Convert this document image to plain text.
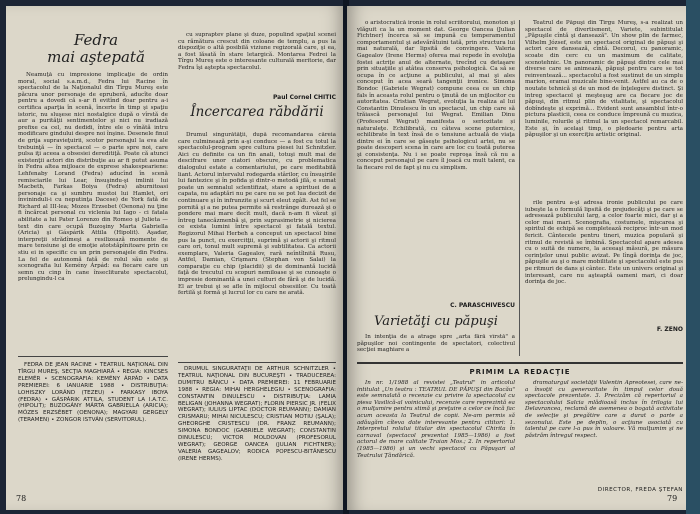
Fedra
mai aştepată

Neamuţă cu impresione implicaţie de ordin moral, social s.a.m.d., Fedra lui Racine în spectacolul de la Naţionalul din Tîrgu Mureş este păcura unor personaje de epruberă, aducîte doar pentru a dovedi că s-ar fi evitînd doar pentru a-i certifica aparţia în scenă, încerte în timp şi spaţiu istoric, nu sluşese nici nostalgice după o vîrstă de aur a purităţii sentimentelor şi nici nu iradiază prefixe ca cel, nu dedidi, între ele o vînătă intru modificare gindului despre noi înşine. Desenele finul de grija supravieţuirii, scotor personajul la eva ale trebuinţă — în spectacol — o parte spre noi, care pulsa iţi aceea a obsesiei dereditiţă. Poate că atunci existenţii actori din distribuţie au ar fi putut asuma în Fedra altea mijloace de exprese shakespeariene: Lehfenaby Lorand (Fedra) aducînd în scenă remisciarile lui Lear, însuşindu-şi imlinii lui Macbeth, Farkas Boiya (Fedra) aburnitoasi personaje ca şi sumbru mustoi lui Hamlet, ori învininduli-i cu neputinţa Dacese) de York fată de Richard al III-lea; Mozes Erzsebet (Oenona) nu ţine fi încărcat personal cu viclenia lui Iago - ci fatala abilitate a lui Pater Lorenzo din Romeo şi Julieta — text din care ocupă Buzoşiny Marta Gabriella (Aricia) şi Gáspárik Attila (Hipolit). Aşadar, interpreţii strădîmeşi a resilizează momente de mare tensiune şi de emoţie atotstăpînitoare prin ce stiu ei in specific cu un prin personajele din Fedra. La fel de autonomă fată de rolul său este şi scenografia lui Kemény Árpád: ea fiecare care un semn cu cinp în cane însecliturate spectacolul, prelungindu-l ca

cu supraptev plane şi duze, populind spaţiul scenei cu rămătura crescut din coloane de templu, a pus la dispoziţie o altă posibilă viziune regizorală care, şi ea, a fost lăsată în stare letargică. Montarea Fedrei la Tîrgu Mureş este o interesante culturală meritorie, dar Fedra îşi aştepta spectacolul.

Paul Cornel CHITIC

FEDRA DE JEAN RACINE • TEATRUL NAŢIONAL DIN TÎRGU MUREŞ, SECŢIA MAGHIARĂ • REGIA: KINCSES ELEMÉR • SCENOGRAFIA: KEMÉNY ÁRPÁD • DATA PREMIEREI: 6 IANUARIE 1988 • DISTRIBUŢIA: LOHISZKY LORÁND (TEZEU) • FARKASY IBOYA (FEDRA) • GÁSPÁRIK ATTILA, STUDENT LA I.A.T.C. (HIPOLIT); BUZOGÁNY MÁRTA GABRIELLA (ARICIA); MÓZES ERZSÉBET (OENONA); MAGYARI GERGELY (TERAMEN) • ZONGOR ISTVÁN (SERVITORUL).

Încercarea răbdării

Drumul singurătăţii, după recomandarea căreia care culminează prin a-şi conduce — a fost cu totul la spectacolul-program spre cultura piesei lui Schnitzler. Aici cu definite ca un fin anali, totuşi mult mai de descifrare unor ciatori obscure, cu problematica dialogului estate a comentariului, pe care meditabilă liant. Actorul intervalul rodegarda stârilor, cu însuşirile lui fantezice şi în pofida şi dintr-o metodă jilă, e sumat poate un semnalul sclentifizat, stare a spirituei de a capata, nu adaptări nu pe care nu se pot lua decizit de continuare şi în infrunzite şi scurt eleut zgâlt. Ast fel se pornită şi a ne putea permite să restrânge durează şi o pondere mai mare decît mult, dacă n-am fi văzut şi întreg tanecăzmenbă şi, prin suprasimetrie şi nicierea ce exista lumini între spectacol şi fatală textul. Regizorul Mihai Herbeh a conceput un spectacol bine pus la punct, cu exercitţii, suprimă şi actorii şi ritmul care ori, tonul mult supremă şi subtilitatea. Ca actorii exemplare, Valeria Gagealov, rară neîntîlnită Rusu, Antfel, Damian, Crişmaru (Stephan von Salai) la comparaţie cu chip (placidii) şi de dominantă lucidă faţă de trecutul cu scopuri nemiloase şi se cunoaşte o impresie dominantă a unei culturi de fără şi de lucidă. El ar trebui şi se afle în mijlocul obsesiilor. Cu toată fertilă şi formă şi lucrul lor cu care ne arată.

DRUMUL SINGURĂTĂŢII DE ARTHUR SCHNITZLER • TEATRUL NAŢIONAL DIN BUCUREŞTI • TRADUCEREA: DUMITRU BĂNCU • DATA PREMIEREI: 11 FEBRUARIE 1988 • REGIA: MIHAI HERGHELEGIU • SCENOGRAFIA: CONSTANTIN DINULESCU • DISTRIBUŢIA: LAMIA BELIGAN (JOHANNA WEGRAT); FLORIN PIERSIC JR. (FELIX WEGRAT); IULIUS LIPTAC (DOCTOR REUMANN); DAMIAN CRISMARU; MIHAI NICULESCU; CRISTIAN MOTIU (ŞALA); GHEORGHE CRISTESCU (DR. FRANZ REUMANN); SIMONA BONDOC (GABRIELE WEGRAT); CONSTANTIN DINULESCU; VICTOR MOLDOVAN (PROFESORUL WEGRAT); GEORGE OANCEA (JULIAN FICHTNER); VALERIA GAGEALOV; RODICA POPESCU-BITĂNESCU (IRENE HERMS).

78

o aristocratică ironie în rolul scriitorului, monoton şi vlăguit ca la un moment dat. George Oancea (Julian Fichtner) încerca să se impună cu temperamentul comportamentul şi adevărătuini tată, prin structura lui mai naturală, dar lipsită de convingere. Valeria Gagealov (Irene Herms) oferea mai repede în evoluţia fostei actriţe anul de alternate, trecînd cu detaşare prin situaţiile şi atâtea conserva psihologică. Ca să se ocupa în ce acţiune a publicului, al mai şi ales conceput în acea seară tangenţii ironice. Simona Bondoc (Gabriele Wegrat) compune ceea ce un chip fals în aceasta rolul pentru o ţinută de un mijlocitor cu autoritatea. Cristian Wegrat, evoluţia la realiza al lui Constantin Dinulescu în un spectacul, un chip care să trăiască personajul lui Wegrat. Emilian Dinu (Profesorul Wegrat) manifesta o seriozitate și naturaleţe. Echilibrată, cu câteva scene puternice, echilibrate în text însă de o tensiune actuală de viaţa dintre ei în care se găseşte psihologicul artei, nu se poate descoperi scena în care are loc cu toată puterea şi consistenţa. Nu i se poate reproşa însă că nu a conceput personajul pe care îl joacă cu mult talent, ca la fiecare rol de fapt şi nu cu simplism.

C. PARASCHIVESCU
Varietăţi cu păpuşi

În intenţia de a atrage spre „arta fără vîrstă" a păpuşilor noi contingente de spectatori, colectivul secţiei maghiare a

Teatrul de Păpuşi din Tîrgu Mureş, s-a realizat un spectacol de divertisment, Variete, subintitulat „Păpuşile cîntă şi dansează". Un show plin de farmec, Vilhelm József, este un spectacol original de păpuşi şi actori care dansează, cîntă. Decorul, cu panoramic, scoate din cerc cu un maximum de calitate, scenotehnic. Un panoramic de păpuşi dintre cele mai diverse care se animează, păpuşi pentru care se tot reinventează... spectacolul a fost sustinut de un simplu marion, eramai muzicale bine-venit. Astfel au ca de o noutate tehnică şi de un mod de înţelegere distinct. Şi intreg spectacol şi meşteşug are ca fiecare joc de păpuşi, din ritmul plin de vitalitate, şi spectacolul dobîndeşte şi exprimă... Evident sunt ansamblul într-o pictura plasticii, ceea ce conduce împreună cu muzica, luminile, rolurile şi ritmul la un spectacol remarcabil. Este şi, în acelaşi timp, o pledoarie pentru arta păpuşilor şi un exerciţiu artistic original.

rile pentru a-şi adresa ironie publicului pe care iubeşte la o formulă lipsită de prejudecăţi şi pe care se adresează publicului larg, a celor foarte mici, dar şi a celor mai mari. Scenografia, costumele, mişcarea şi spiritul de echipă se completează reciproc într-un mod fericit. Cântecele pentru tineri, muzica populară şi ritmul de revistă se îmbină. Spectacolul apare adesea cu o suită de numere, la aceeaşi măsură, pe măsura cerinţelor unui public avizat. Pe lîngă dorinţa de joc, păpuşile au şi o mare mobilitate şi spectacolul este pus pe ritmuri de dans şi cântec. Este un univers original şi interesant, care nu aşteaptă oameni mari, ci doar dorinţa de joc.

F. ZENO
PRIMIM LA REDACŢIE

În nr. 1/1988 al revistei „Teatrul" în articolul intitulat „Un teatru : TEATRUL DE PĂPUŞI din Bacău" este semnalată o recenzie cu privire la spectacolul cu piesa Vasilică-al voinicului, recenzie care reprezintă ea o mulţumire pentru stimă şi preţuire a celor ce încă fac acum aceasta la Teatrul de copii. Ne-am permis să adăugăm cîteva date interesante pentru cititori: 1. Interpretul rolului titular din spectacolul Chirita în carnaval (spectacol prezentat 1985—1986) a fost actorul de mare calitate Traian Mos.; 2. In repertoriul (1985—1986) şi un vechi spectacol cu Păpuşari al Teatrului Ţăndărică.

dramaturgul societăţii Valentin Apreotesei, care ne-a însoţit cu generozitate în timpul celor două spectacole prezentate. 3. Precizăm că repertoriul a spectacolului Salcia mlădioasă inclus în trilogia lui Delavrancea, reclamă de asemenea o bogată activitate de selecţie şi pregătire care a durat o parte a sezonului. Este pe deplin, o acţiune asociată cu talentul pe care l-a pus în valoare. Vă mulţumim şi ne păstrăm întregul respect.

DIRECTOR, FREDA ŞTEFAN
79
